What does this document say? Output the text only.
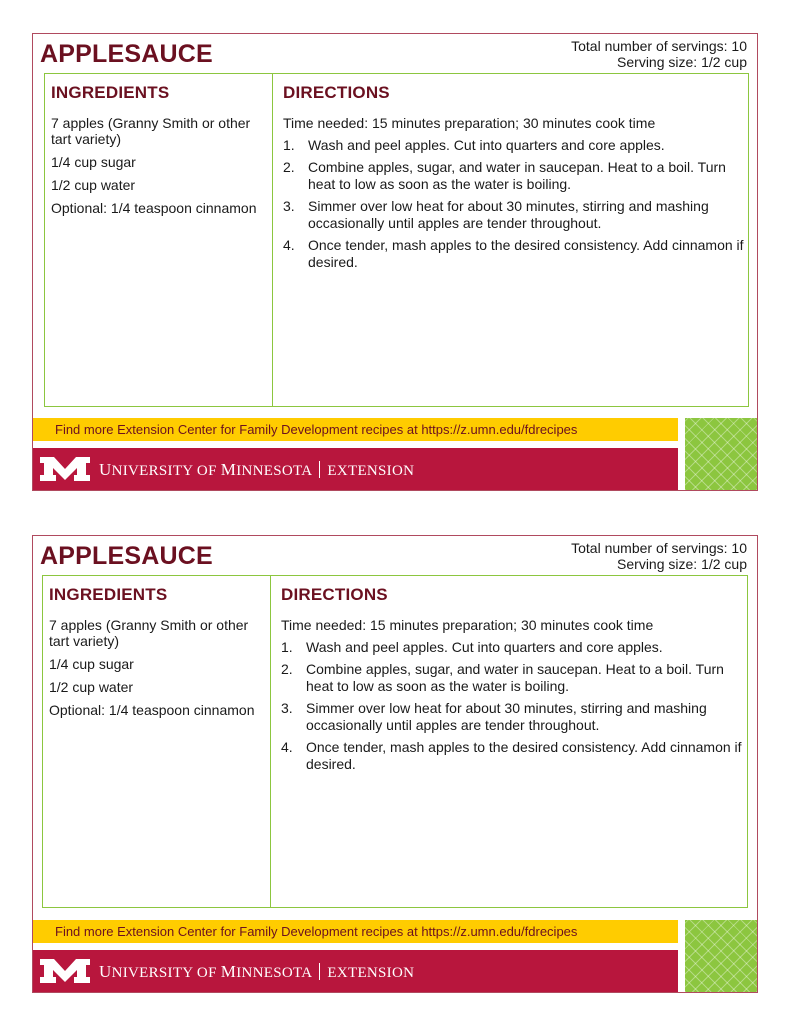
APPLESAUCE	Total number of servings: 10
Serving size: 1/2 cup
INGREDIENTS
7 apples (Granny Smith or other tart variety)
1/4 cup sugar
1/2 cup water
Optional: 1/4 teaspoon cinnamon
DIRECTIONS
Time needed: 15 minutes preparation; 30 minutes cook time
1. Wash and peel apples. Cut into quarters and core apples.
2. Combine apples, sugar, and water in saucepan. Heat to a boil. Turn heat to low as soon as the water is boiling.
3. Simmer over low heat for about 30 minutes, stirring and mashing occasionally until apples are tender throughout.
4. Once tender, mash apples to the desired consistency. Add cinnamon if desired.
Find more Extension Center for Family Development recipes at https://z.umn.edu/fdrecipes
UNIVERSITY OF MINNESOTA EXTENSION
APPLESAUCE	Total number of servings: 10
Serving size: 1/2 cup
INGREDIENTS
7 apples (Granny Smith or other tart variety)
1/4 cup sugar
1/2 cup water
Optional: 1/4 teaspoon cinnamon
DIRECTIONS
Time needed: 15 minutes preparation; 30 minutes cook time
1. Wash and peel apples. Cut into quarters and core apples.
2. Combine apples, sugar, and water in saucepan. Heat to a boil. Turn heat to low as soon as the water is boiling.
3. Simmer over low heat for about 30 minutes, stirring and mashing occasionally until apples are tender throughout.
4. Once tender, mash apples to the desired consistency. Add cinnamon if desired.
Find more Extension Center for Family Development recipes at https://z.umn.edu/fdrecipes
UNIVERSITY OF MINNESOTA EXTENSION
